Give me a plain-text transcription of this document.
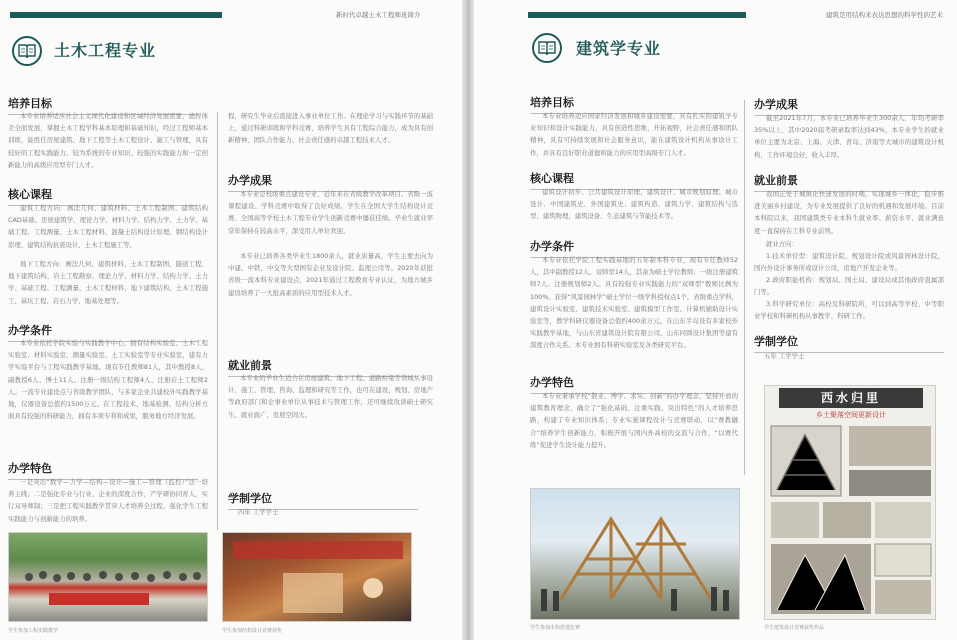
新时代卓越土木工程师班简介
土木工程专业
培养目标
本专业培养适应社会主义现代化建设和区域经济发展需要，德智体美全面发展，掌握土木工程学科基本原理和基础知识，经过工程师基本训练，能胜任房屋建筑、地下工程等土木工程设计、施工与管理，具有较好的工程实践能力、较为系统的专业知识、较强的实践能力和一定创新能力的高级应用型专门人才。
核心课程
建筑工程方向：画法几何、建筑材料、土木工程制图、建筑结构CAD基础、房屋建筑学、理论力学、材料力学、结构力学、土力学、基础工程、工程测量、土木工程材料、混凝土结构设计原理、钢结构设计原理、建筑结构抗震设计、土木工程施工等。
地下工程方向：画法几何、建筑材料、土木工程制图、隧道工程、地下建筑结构、岩土工程勘察、理论力学、材料力学、结构力学、土力学、基础工程、工程测量、土木工程材料、地下建筑结构、土木工程施工、基坑工程、岩石力学、地基处理等。
办学条件
本专业依托学院实验与实践教学中心，拥有结构实验室、土木工程实验室、材料实验室、测量实验室、土工实验室等专业实验室，建有力学实验平台与工程实践教学基地。现有专任教师81人，其中教授8人、副教授6人、博士11人。注册一级结构工程师4人、注册岩土工程师2人。一流专业建设点与省级教学团队，与多家企业共建校外实践教学基地，仪器设备总值约1500万元。在工程技术、地基检测、结构分析方面具有较强的科研能力，拥有多项专利和成果，服务地方经济发展。
办学特色
一是突出“数学—力学—结构—设计—施工—管理（监控）”这一培养主线；二是强化专业与行业、企业的深度合作，产学研协同育人，实行双导师制；三是把工程实践教学贯穿人才培养全过程，强化学生工程实践能力与创新能力的培养。
程，研究生毕业后直接进入事业单位工作。在理论学习与实践环节的基础上，通过科研训练和学科竞赛，培养学生具有工程综合能力，成为具有创新精神、团队合作能力、社会责任感的卓越工程技术人才。
办学成果
本专业是校级重点建设专业，近年来在省级教学改革项目、省级一流课程建设、学科竞赛中取得了良好成绩。学生在全国大学生结构设计竞赛、全国高等学校土木工程专业学生创新竞赛中屡获佳绩。毕业生就业率常年保持在较高水平，深受用人单位欢迎。
本专业已培养各类毕业生1800余人，就业质量高，学生主要去向为中建、中铁、中交等大型国有企业及设计院、监理公司等。2020年获批省级一流本科专业建设点，2021年通过工程教育专业认证，为地方城乡建设培养了一大批高素质的应用型技术人才。
就业前景
本专业的毕业生适合在房屋建筑、地下工程、道路桥梁等领域从事设计、施工、管理、咨询、监理和研究等工作，也可在建设、规划、房地产等政府部门和企事业单位从事技术与管理工作，还可继续攻读硕士研究生。就业面广，发展空间大。
学制学位
四年 工学学士
学生参加工程实践教学	学生参加结构设计竞赛获奖
建筑是用结构来表达思想的科学性的艺术
建筑学专业
培养目标
本专业培养适应国家经济发展和城乡建设需要，具有扎实的建筑学专业知识和设计实践能力，具有创造性思维，开拓视野，社会责任感和团队精神，具有可持续发展和社会服务意识，能在建筑设计机构从事设计工作，并具有良好职业道德和能力的应用型高级专门人才。
核心课程
建筑设计初步、公共建筑设计原理、建筑设计、城市规划原理、城市设计、中国建筑史、外国建筑史、建筑构造、建筑力学、建筑结构与选型、建筑物理、建筑设备、生态建筑与节能技术等。
办学条件
本专业依托学院工程实践基地的五年制本科专业，现有专任教师52人，其中副教授12人、双师型14人，其余为硕士学位教师；一级注册建筑师7人、注册规划师2人。具有较强专业实践能力的“双师型”教师比例为100%。获得“风景园林学”硕士学位一级学科授权点1个，省级重点学科，建筑设计实验室、建筑技术实验室、建筑模型工作室、计算机辅助设计实验室等，教学科研仪器设备总值约400余万元。在山东半岛设有多家校外实践教学基地，与山东省建筑设计院有限公司、山东同圆设计集团等建有深度合作关系。本专业拥有科研实验室及各类研究平台。
办学特色
本专业秉承学校“敬业、博学、求实、创新”的办学理念，坚持开放的建筑教育理念，确立了“强化基础、注重实践、突出特色”的人才培养思路，构建了专业知识体系；专业实施课程设计与竞赛联动，以“赛教融合”培养学生创新能力，积极开展与国内外高校的交流与合作，“以赛代练”促进学生设计能力提升。
办学成果
截至2021年7月，本专业已培养毕业生300余人，年均考研率35%以上，其中2020届考研录取率达到43%，本专业学生的就业单位主要为北京、上海、天津、青岛、济南等大城市的建筑设计机构，工作环境良好，收入丰厚。
就业前景
我国正处于城镇化快速发展的时期，实现城乡一体化，稳步推进美丽乡村建设，为专业发展提供了良好的机遇和发展环境。目前本科院以来，我国建筑类专业本科生就业率、薪资水平、就业满意度一直保持在工科专业前列。
就业方向：
1.技术单位型：建筑设计院、规划设计院或风景园林设计院，国内外设计事务所或设计公司，房地产开发企业等。
2.政府职能机构：规划局、国土局、建设局或其他政府直属部门等。
3.科学研究单位：高校及科研院所，可以到高等学校、中等职业学校和科研机构从事教学、科研工作。
学制学位
五年 工学学士
学生参加木构搭建比赛
西水归里
乡土聚落空间更新设计
学生建筑设计竞赛获奖作品
